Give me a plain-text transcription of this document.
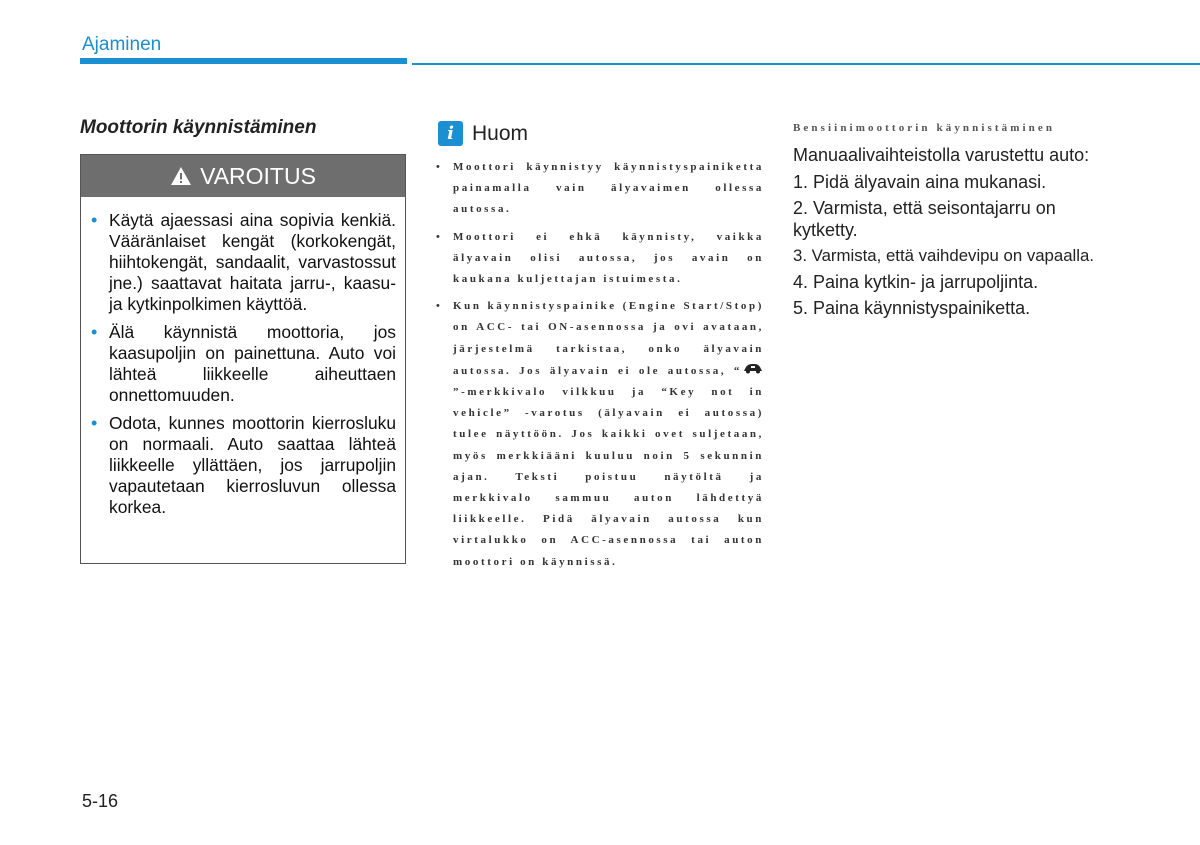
Ajaminen
Moottorin käynnistäminen
VAROITUS
• Käytä ajaessasi aina sopivia kenkiä. Vääränlaiset kengät (korkokengät, hiihtokengät, sandaalit, varvastossut jne.) saattavat haitata jarru-, kaasu- ja kytkinpolkimen käyttöä.
• Älä käynnistä moottoria, jos kaasupoljin on painettuna. Auto voi lähteä liikkeelle aiheuttaen onnettomuuden.
• Odota, kunnes moottorin kierrosluku on normaali. Auto saattaa lähteä liikkeelle yllättäen, jos jarrupoljin vapautetaan kierrosluvun ollessa korkea.
i Huom
• Moottori käynnistyy käynnistyspainiketta painamalla vain älyavaimen ollessa autossa.
• Moottori ei ehkä käynnisty, vaikka älyavain olisi autossa, jos avain on kaukana kuljettajan istuimesta.
• Kun käynnistyspainike (Engine Start/Stop) on ACC- tai ON-asennossa ja ovi avataan, järjestelmä tarkistaa, onko älyavain autossa. Jos älyavain ei ole autossa, “”-merkkivalo vilkkuu ja “Key not in vehicle” -varotus (älyavain ei autossa) tulee näyttöön. Jos kaikki ovet suljetaan, myös merkkiääni kuuluu noin 5 sekunnin ajan. Teksti poistuu näytöltä ja merkkivalo sammuu auton lähdettyä liikkeelle. Pidä älyavain autossa kun virtalukko on ACC-asennossa tai auton moottori on käynnissä.
Bensiinimoottorin käynnistäminen
Manuaalivaihteistolla varustettu auto:
1. Pidä älyavain aina mukanasi.
2. Varmista, että seisontajarru on kytketty.
3. Varmista, että vaihdevipu on vapaalla.
4. Paina kytkin- ja jarrupoljintа.
5. Paina käynnistyspainiketta.
5-16
